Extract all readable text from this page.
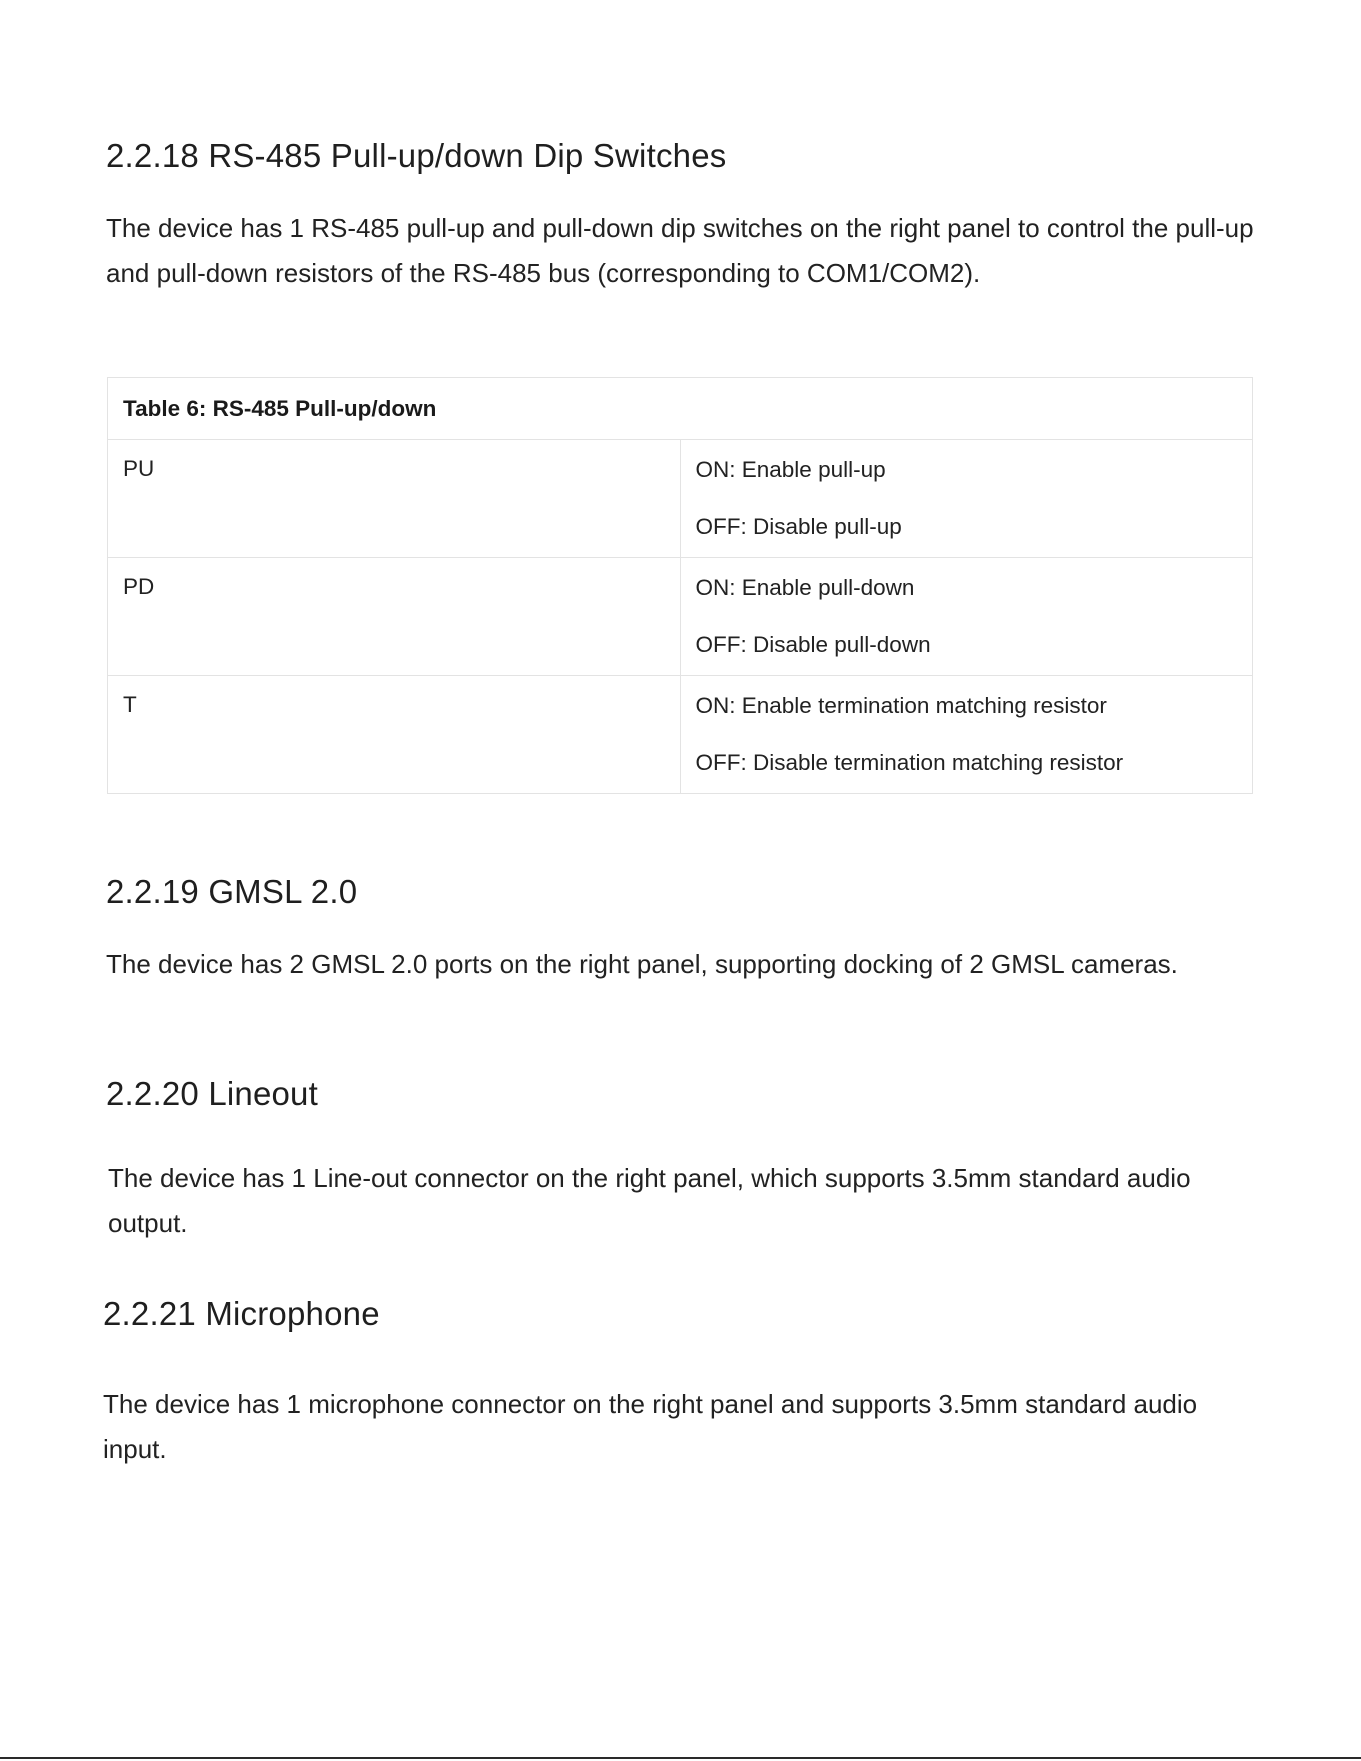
2.2.18 RS-485 Pull-up/down Dip Switches

The device has 1 RS-485 pull-up and pull-down dip switches on the right panel to control the pull-up and pull-down resistors of the RS-485 bus (corresponding to COM1/COM2).

Table 6: RS-485 Pull-up/down	
PU	ON: Enable pull-up
OFF: Disable pull-up

PD	ON: Enable pull-down
OFF: Disable pull-down

T	ON: Enable termination matching resistor
OFF: Disable termination matching resistor
2.2.19 GMSL 2.0

The device has 2 GMSL 2.0 ports on the right panel, supporting docking of 2 GMSL cameras.

2.2.20 Lineout

The device has 1 Line-out connector on the right panel, which supports 3.5mm standard audio output.

2.2.21 Microphone

The device has 1 microphone connector on the right panel and supports 3.5mm standard audio input.
